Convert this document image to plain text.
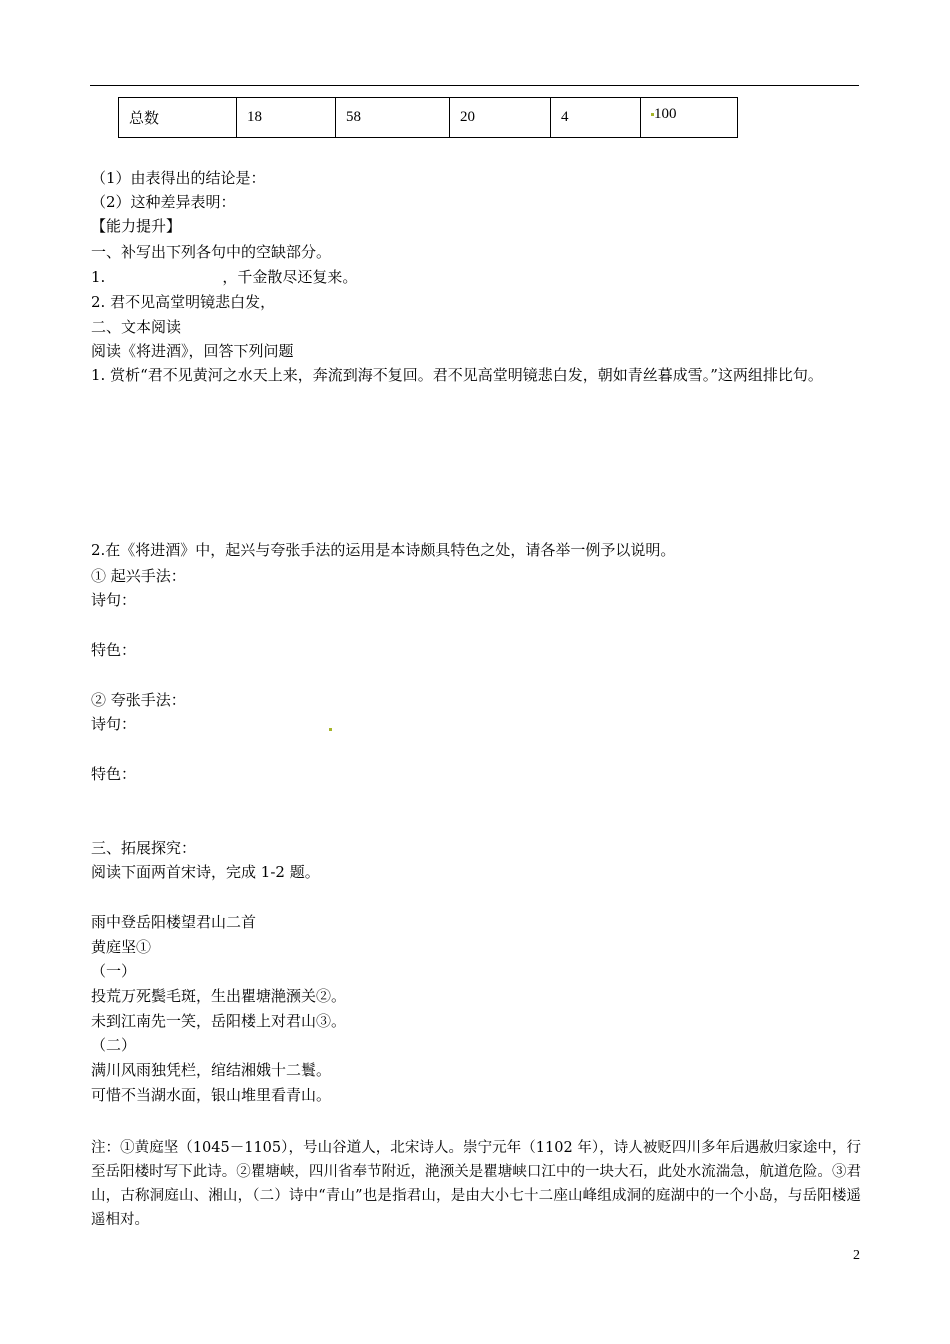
总数	18	58	20	4	100
（1）由表得出的结论是：
（2）这种差异表明：
【能力提升】
一、补写出下列各句中的空缺部分。
1.	，千金散尽还复来。
2. 君不见高堂明镜悲白发，
二、文本阅读
阅读《将进酒》，回答下列问题
1. 赏析“君不见黄河之水天上来，奔流到海不复回。君不见高堂明镜悲白发，朝如青丝暮成雪。”这两组排比句。
2.在《将进酒》中，起兴与夸张手法的运用是本诗颇具特色之处，请各举一例予以说明。
① 起兴手法：
诗句：
特色：
② 夸张手法：
诗句：
特色：
三、拓展探究：
阅读下面两首宋诗，完成 1-2 题。
雨中登岳阳楼望君山二首
黄庭坚①
（一）
投荒万死鬓毛斑，生出瞿塘滟滪关②。
未到江南先一笑，岳阳楼上对君山③。
（二）
满川风雨独凭栏，绾结湘娥十二鬟。
可惜不当湖水面，银山堆里看青山。
注：①黄庭坚（1045－1105），号山谷道人，北宋诗人。崇宁元年（1102 年），诗人被贬四川多年后遇赦归家途中，行至岳阳楼时写下此诗。②瞿塘峡，四川省奉节附近，滟滪关是瞿塘峡口江中的一块大石，此处水流湍急，航道危险。③君山，古称洞庭山、湘山，（二）诗中“青山”也是指君山，是由大小七十二座山峰组成洞的庭湖中的一个小岛，与岳阳楼遥遥相对。
2
